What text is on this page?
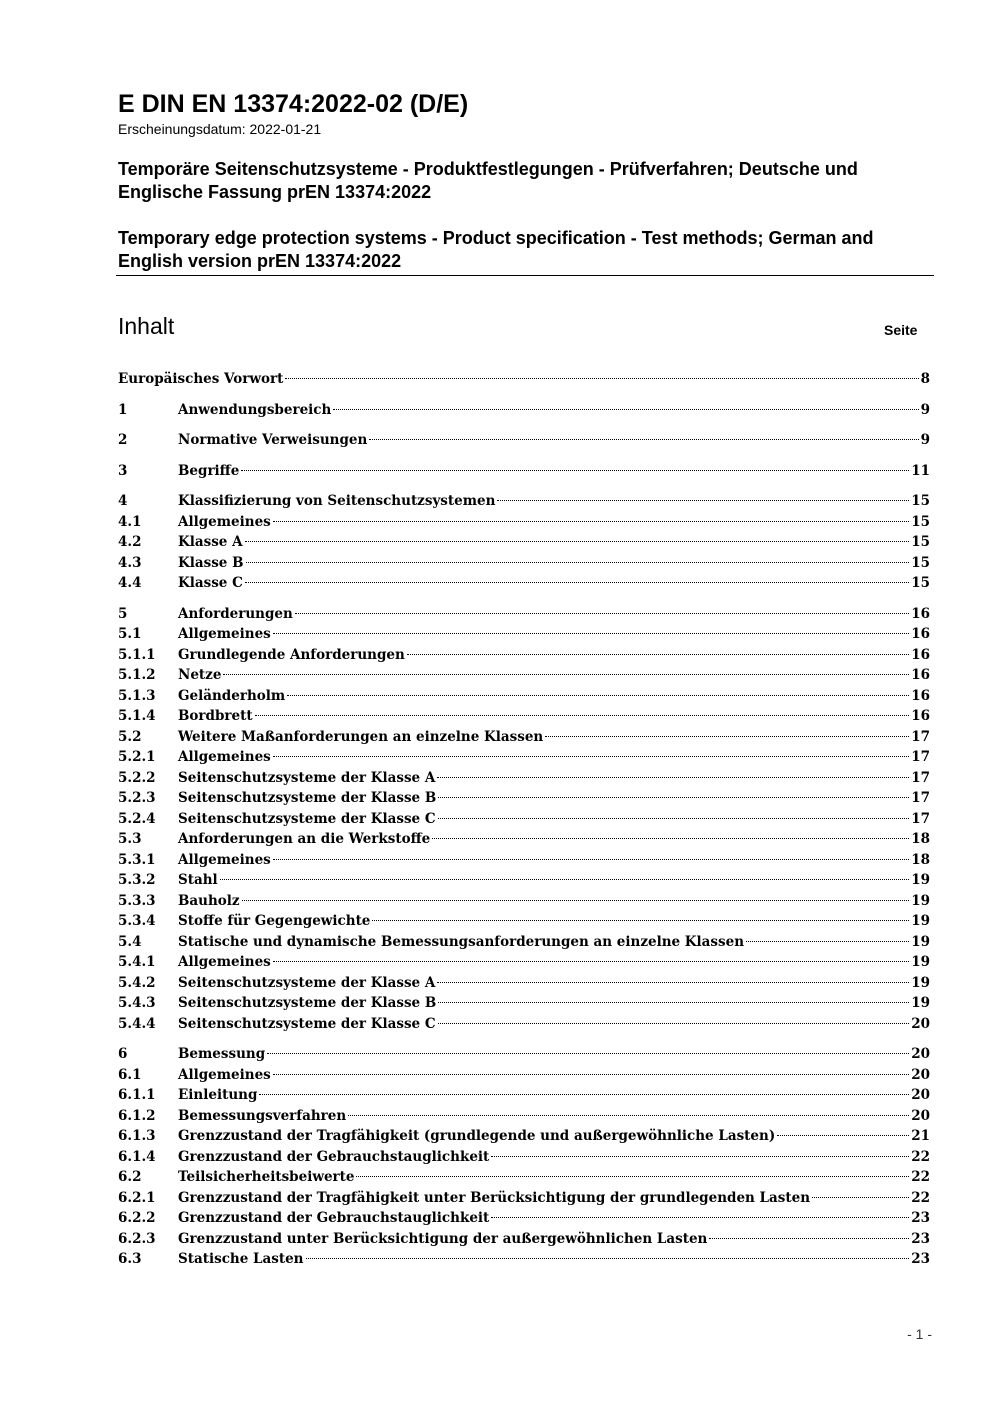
E DIN EN 13374:2022-02 (D/E)
Erscheinungsdatum: 2022-01-21
Temporäre Seitenschutzsysteme - Produktfestlegungen - Prüfverfahren; Deutsche und Englische Fassung prEN 13374:2022
Temporary edge protection systems - Product specification - Test methods; German and English version prEN 13374:2022
Inhalt	Seite
Europäisches Vorwort	8
1	Anwendungsbereich	9
2	Normative Verweisungen	9
3	Begriffe	11
4	Klassifizierung von Seitenschutzsystemen	15
4.1	Allgemeines	15
4.2	Klasse A	15
4.3	Klasse B	15
4.4	Klasse C	15
5	Anforderungen	16
5.1	Allgemeines	16
5.1.1	Grundlegende Anforderungen	16
5.1.2	Netze	16
5.1.3	Geländerholm	16
5.1.4	Bordbrett	16
5.2	Weitere Maßanforderungen an einzelne Klassen	17
5.2.1	Allgemeines	17
5.2.2	Seitenschutzsysteme der Klasse A	17
5.2.3	Seitenschutzsysteme der Klasse B	17
5.2.4	Seitenschutzsysteme der Klasse C	17
5.3	Anforderungen an die Werkstoffe	18
5.3.1	Allgemeines	18
5.3.2	Stahl	19
5.3.3	Bauholz	19
5.3.4	Stoffe für Gegengewichte	19
5.4	Statische und dynamische Bemessungsanforderungen an einzelne Klassen	19
5.4.1	Allgemeines	19
5.4.2	Seitenschutzsysteme der Klasse A	19
5.4.3	Seitenschutzsysteme der Klasse B	19
5.4.4	Seitenschutzsysteme der Klasse C	20
6	Bemessung	20
6.1	Allgemeines	20
6.1.1	Einleitung	20
6.1.2	Bemessungsverfahren	20
6.1.3	Grenzzustand der Tragfähigkeit (grundlegende und außergewöhnliche Lasten)	21
6.1.4	Grenzzustand der Gebrauchstauglichkeit	22
6.2	Teilsicherheitsbeiwerte	22
6.2.1	Grenzzustand der Tragfähigkeit unter Berücksichtigung der grundlegenden Lasten	22
6.2.2	Grenzzustand der Gebrauchstauglichkeit	23
6.2.3	Grenzzustand unter Berücksichtigung der außergewöhnlichen Lasten	23
6.3	Statische Lasten	23
- 1 -
